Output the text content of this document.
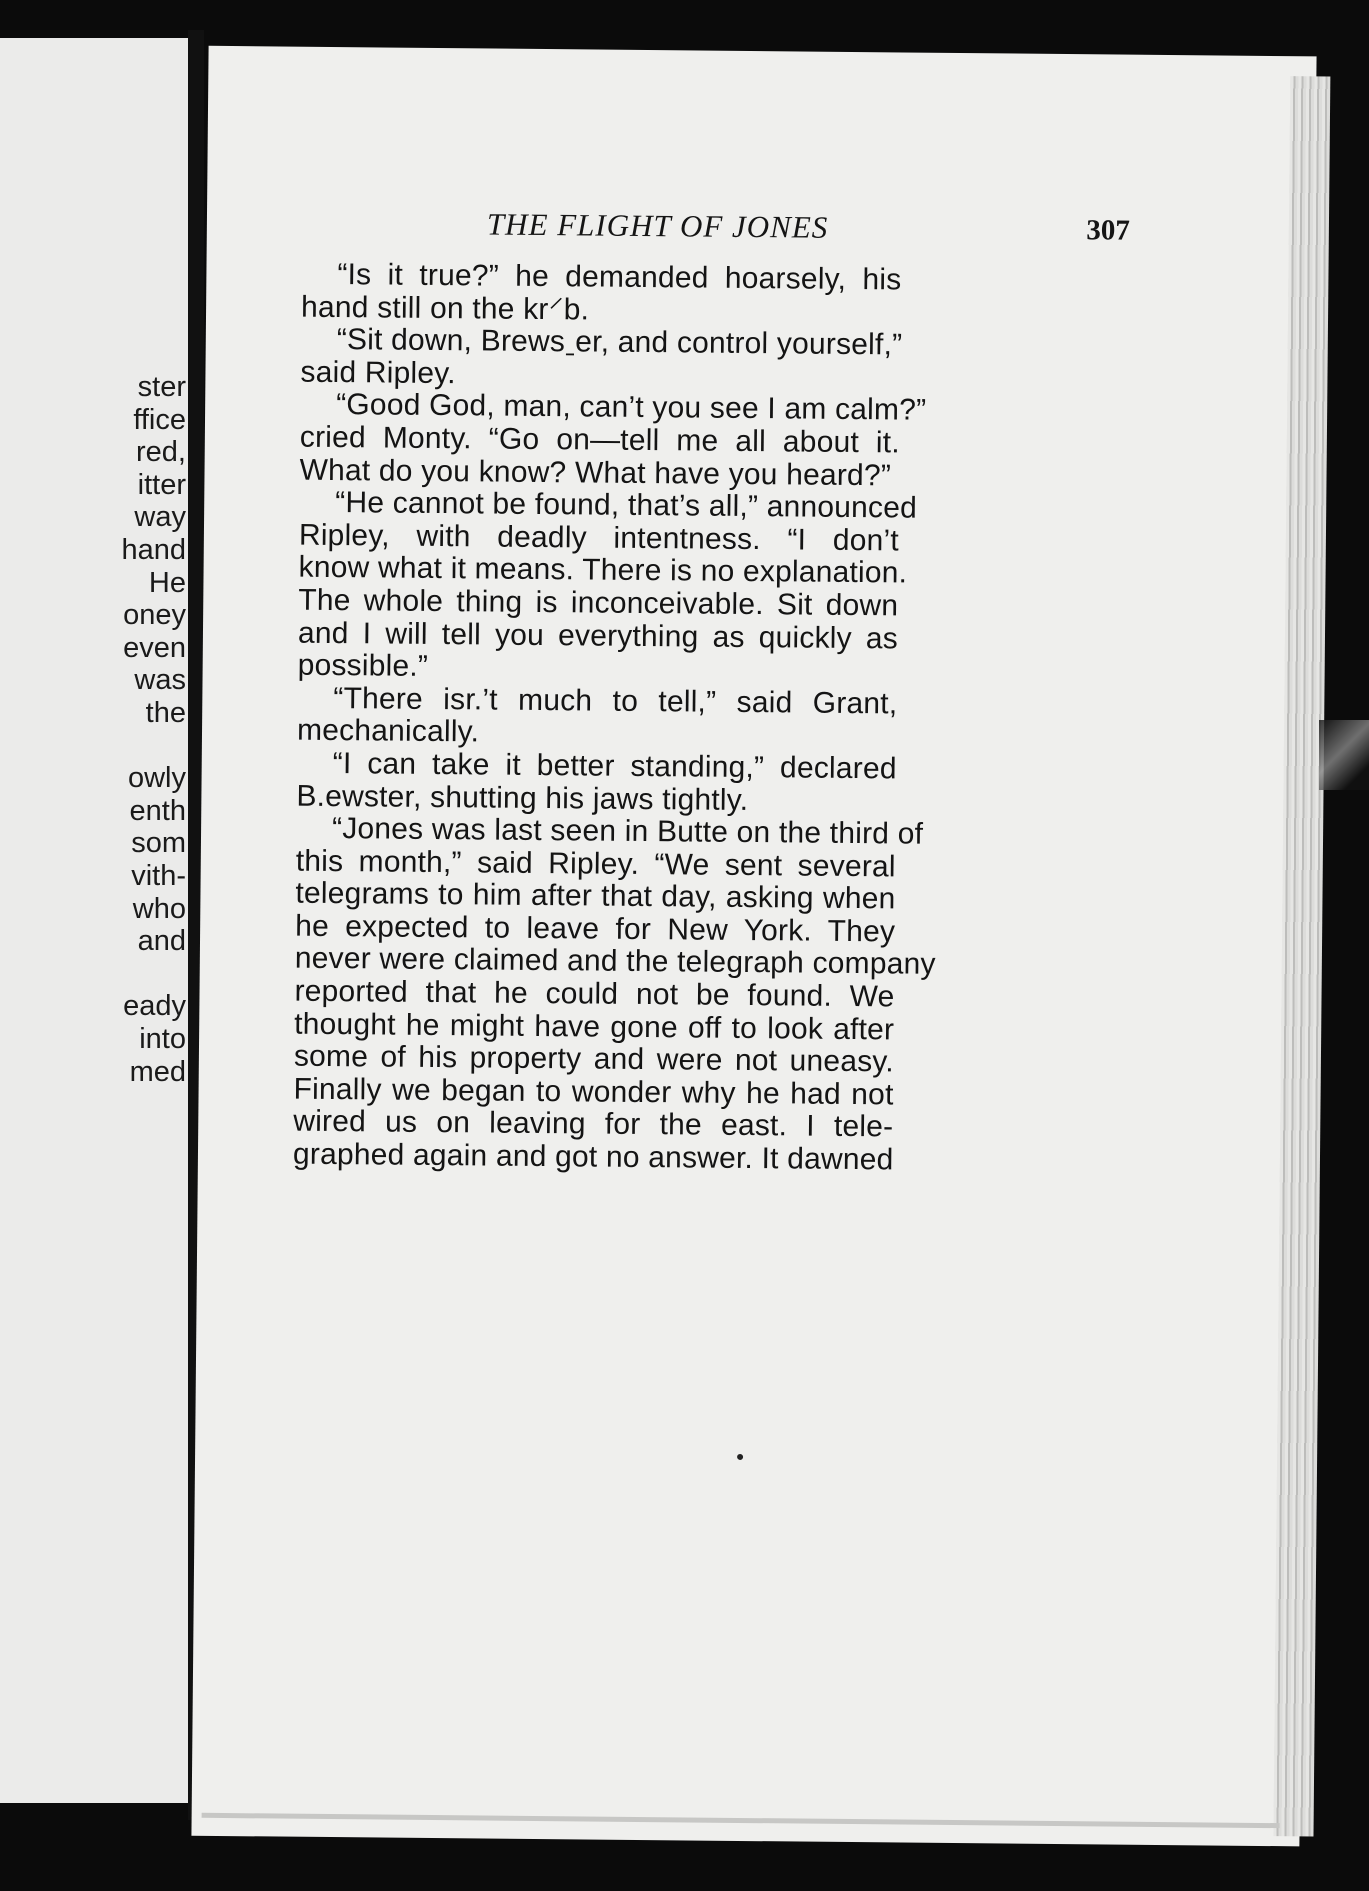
ster

ffice

red,

itter

way

hand

He

oney

even

was

the

owly

enth

som

vith-

who

and

eady

into

med

THE FLIGHT OF JONES	307
“Is it true?” he demanded hoarsely, his
hand still on the kr⸍b.
“Sit down, Brewsˍer, and control yourself,”
said Ripley.
“Good God, man, can’t you see I am calm?”
cried Monty. “Go on—tell me all about it.
What do you know? What have you heard?”
“He cannot be found, that’s all,” announced
Ripley, with deadly intentness. “I don’t
know what it means. There is no explanation.
The whole thing is inconceivable. Sit down
and I will tell you everything as quickly as
possible.”
“There isr.’t much to tell,” said Grant,
mechanically.
“I can take it better standing,” declared
B.ewster, shutting his jaws tightly.
“Jones was last seen in Butte on the third of
this month,” said Ripley. “We sent several
telegrams to him after that day, asking when
he expected to leave for New York. They
never were claimed and the telegraph company
reported that he could not be found. We
thought he might have gone off to look after
some of his property and were not uneasy.
Finally we began to wonder why he had not
wired us on leaving for the east. I tele-
graphed again and got no answer. It dawned
